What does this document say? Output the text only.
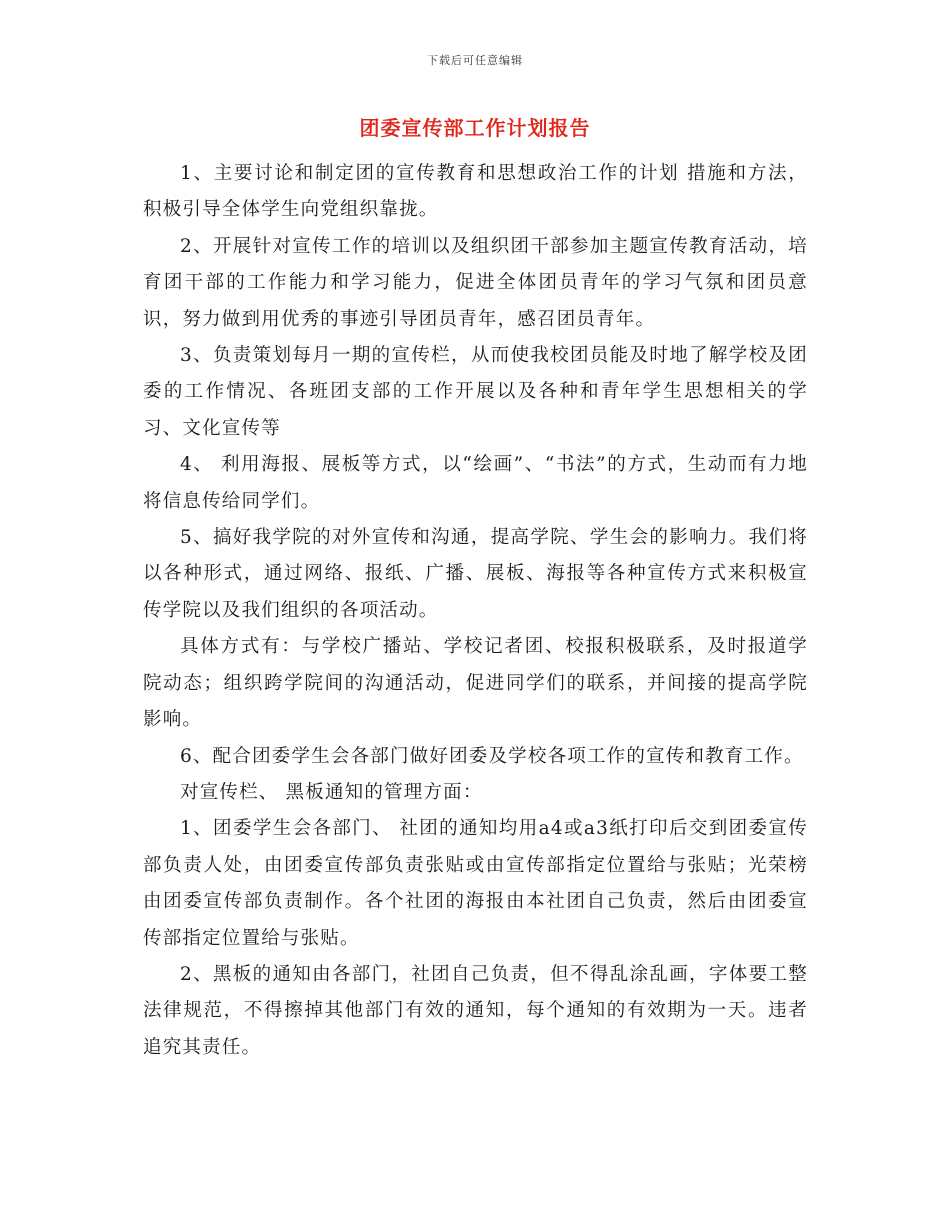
下载后可任意编辑
团委宣传部工作计划报告

1、主要讨论和制定团的宣传教育和思想政治工作的计划 措施和方法，积极引导全体学生向党组织靠拢。

2、开展针对宣传工作的培训以及组织团干部参加主题宣传教育活动，培育团干部的工作能力和学习能力，促进全体团员青年的学习气氛和团员意识，努力做到用优秀的事迹引导团员青年，感召团员青年。

3、负责策划每月一期的宣传栏，从而使我校团员能及时地了解学校及团委的工作情况、各班团支部的工作开展以及各种和青年学生思想相关的学习、文化宣传等

4、 利用海报、展板等方式，以“绘画”、“书法”的方式，生动而有力地将信息传给同学们。

5、搞好我学院的对外宣传和沟通，提高学院、学生会的影响力。我们将以各种形式，通过网络、报纸、广播、展板、海报等各种宣传方式来积极宣传学院以及我们组织的各项活动。

具体方式有：与学校广播站、学校记者团、校报积极联系，及时报道学院动态；组织跨学院间的沟通活动，促进同学们的联系，并间接的提高学院影响。

6、配合团委学生会各部门做好团委及学校各项工作的宣传和教育工作。

对宣传栏、 黑板通知的管理方面：

1、团委学生会各部门、 社团的通知均用a4或a3纸打印后交到团委宣传部负责人处，由团委宣传部负责张贴或由宣传部指定位置给与张贴；光荣榜由团委宣传部负责制作。各个社团的海报由本社团自己负责，然后由团委宣传部指定位置给与张贴。

2、黑板的通知由各部门，社团自己负责，但不得乱涂乱画，字体要工整法律规范，不得擦掉其他部门有效的通知，每个通知的有效期为一天。违者追究其责任。
